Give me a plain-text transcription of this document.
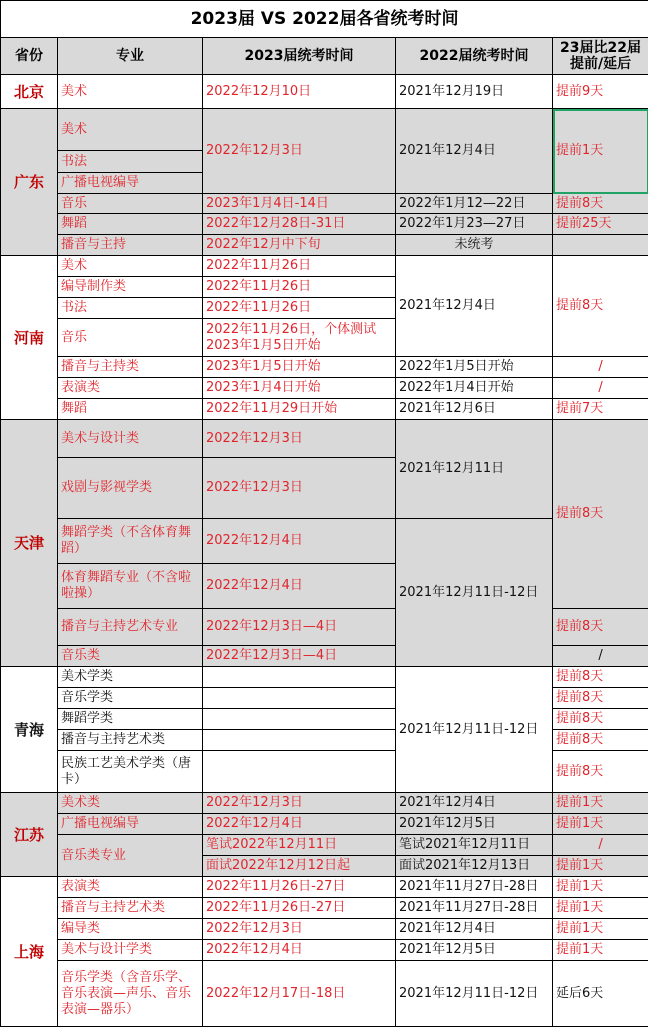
2023届 VS 2022届各省统考时间				
省份	专业	2023届统考时间	2022届统考时间	23届比22届提前/延后
北京	美术	2022年12月10日	2021年12月19日	提前9天
广东	美术	2022年12月3日	2021年12月4日	提前1天
	书法			
	广播电视编导			
	音乐	2023年1月4日-14日	2022年1月12—22日	提前8天
	舞蹈	2022年12月28日-31日	2022年1月23—27日	提前25天
	播音与主持	2022年12月中下旬	未统考	
河南	美术	2022年11月26日	2021年12月4日	提前8天
	编导制作类	2022年11月26日		
	书法	2022年11月26日		
	音乐	2022年11月26日，个体测试2023年1月5日开始		
	播音与主持类	2023年1月5日开始	2022年1月5日开始	/
	表演类	2023年1月4日开始	2022年1月4日开始	/
	舞蹈	2022年11月29日开始	2021年12月6日	提前7天
天津	美术与设计类	2022年12月3日	2021年12月11日	提前8天
	戏剧与影视学类	2022年12月3日		
	舞蹈学类（不含体育舞蹈）	2022年12月4日	2021年12月11日-12日	
	体育舞蹈专业（不含啦啦操）	2022年12月4日		
	播音与主持艺术专业	2022年12月3日—4日		提前8天
	音乐类	2022年12月3日—4日		/
青海	美术学类		2021年12月11日-12日	提前8天
	音乐学类			提前8天
	舞蹈学类			提前8天
	播音与主持艺术类			提前8天
	民族工艺美术学类（唐卡）			提前8天
江苏	美术类	2022年12月3日	2021年12月4日	提前1天
	广播电视编导	2022年12月4日	2021年12月5日	提前1天
	音乐类专业	笔试2022年12月11日	笔试2021年12月11日	/
		面试2022年12月12日起	面试2021年12月13日	提前1天
上海	表演类	2022年11月26日-27日	2021年11月27日-28日	提前1天
	播音与主持艺术类	2022年11月26日-27日	2021年11月27日-28日	提前1天
	编导类	2022年12月3日	2021年12月4日	提前1天
	美术与设计学类	2022年12月4日	2021年12月5日	提前1天
	音乐学类（含音乐学、音乐表演—声乐、音乐表演—器乐）	2022年12月17日-18日	2021年12月11日-12日	延后6天
